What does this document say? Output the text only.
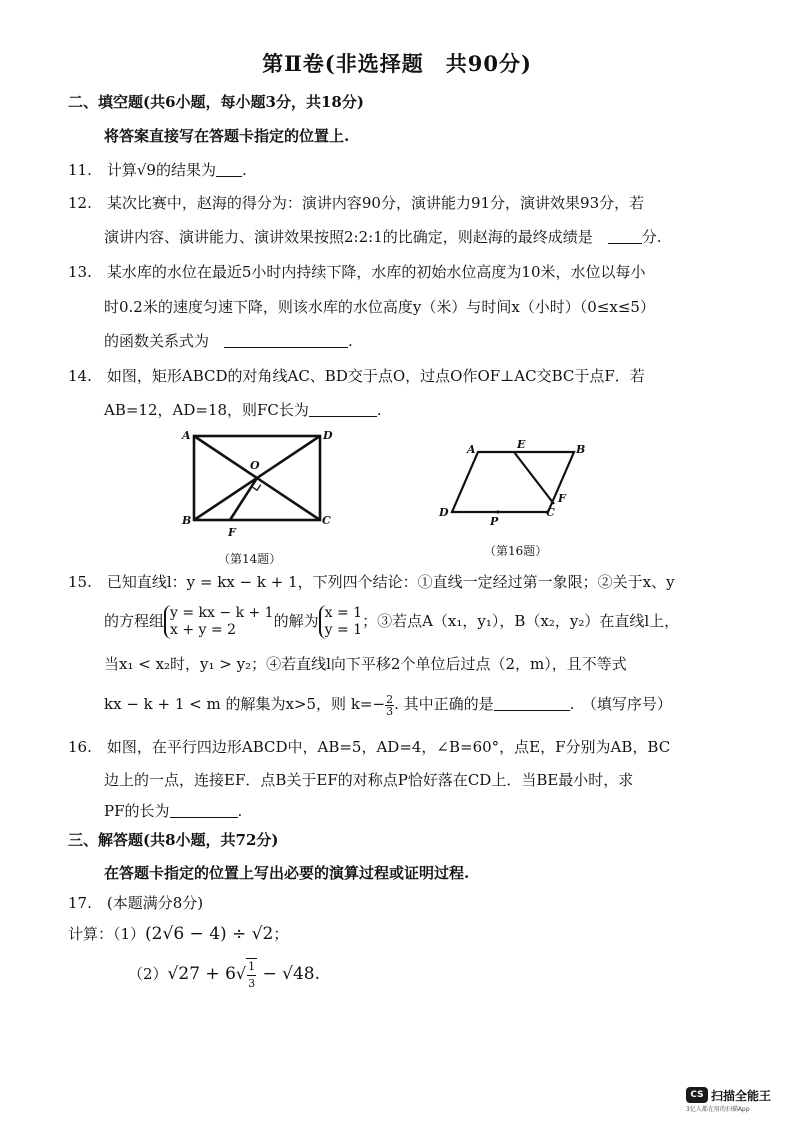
第Ⅱ卷(非选择题　共90分)
二、填空题(共6小题，每小题3分，共18分)
将答案直接写在答题卡指定的位置上.
11.　计算√9的结果为 .
12.　某次比赛中，赵海的得分为：演讲内容90分，演讲能力91分，演讲效果93分，若
演讲内容、演讲能力、演讲效果按照2:2:1的比确定，则赵海的最终成绩是　	分.
13.　某水库的水位在最近5小时内持续下降，水库的初始水位高度为10米，水位以每小
时0.2米的速度匀速下降，则该水库的水位高度y（米）与时间x（小时）（0≤x≤5）
的函数关系式为　	.
14.　如图，矩形ABCD的对角线AC、BD交于点O，过点O作OF⊥AC交BC于点F．若
AB=12，AD=18，则FC长为	.
A	D
B	C
O
F
（第14题）
A	E	B
F
D
P
C
（第16题）
15.　已知直线l：y = kx − k + 1，下列四个结论：①直线一定经过第一象限；②关于x、y
的方程组 y = kx − k + 1
x + y = 2	的解为 x = 1
y = 1 ；③若点A（x₁，y₁），B（x₂，y₂）在直线l上，
当x₁ < x₂时，y₁ > y₂；④若直线l向下平移2个单位后过点（2，m），且不等式
kx − k + 1 < m 的解集为x>5，则 $k=- \frac{2}{3}$ . 其中正确的是	.　（填写序号）
16.　如图，在平行四边形ABCD中，AB=5，AD=4，∠B=60°，点E，F分别为AB，BC
边上的一点，连接EF．点B关于EF的对称点P恰好落在CD上．当BE最小时，求
PF的长为	.
三、解答题(共8小题，共72分)
在答题卡指定的位置上写出必要的演算过程或证明过程.
17.　(本题满分8分)
计算：（1）(2√6 − 4) ÷ √2；
$(2)√27 + 6√ \frac{1}{3} - √48$.
CS 扫描全能王
3亿人都在用的扫描App
